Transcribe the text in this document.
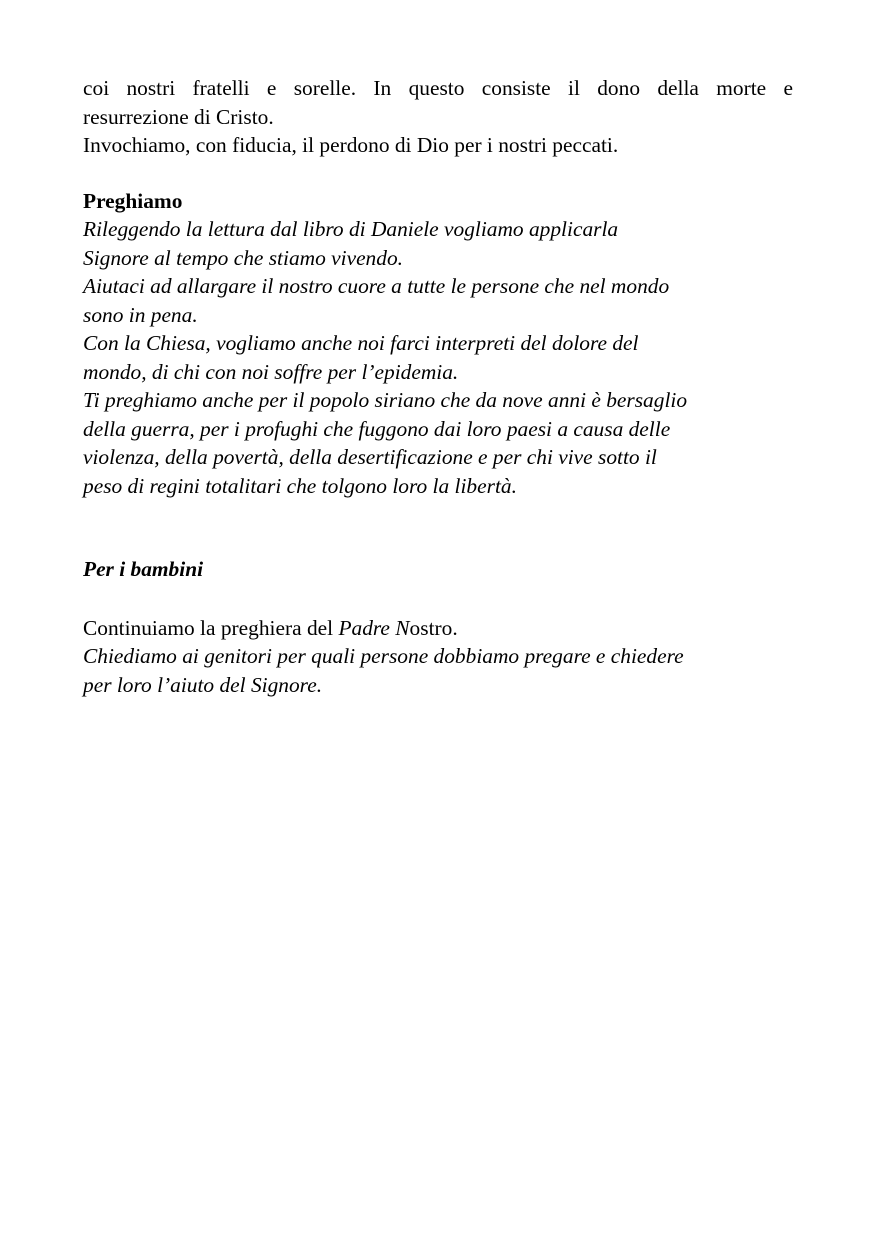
coi nostri fratelli e sorelle. In questo consiste il dono della morte e
resurrezione di Cristo.
Invochiamo, con fiducia, il perdono di Dio per i nostri peccati.
Preghiamo
Rileggendo la lettura dal libro di Daniele vogliamo applicarla
Signore al tempo che stiamo vivendo.
Aiutaci ad allargare il nostro cuore a tutte le persone che nel mondo
sono in pena.
Con la Chiesa, vogliamo anche noi farci interpreti del dolore del
mondo, di chi con noi soffre per l’epidemia.
Ti preghiamo anche per il popolo siriano che da nove anni è bersaglio
della guerra, per i profughi che fuggono dai loro paesi a causa delle
violenza, della povertà, della desertificazione e per chi vive sotto il
peso di regini totalitari che tolgono loro la libertà.
Per i bambini
Continuiamo la preghiera del Padre Nostro.
Chiediamo ai genitori per quali persone dobbiamo pregare e chiedere
per loro l’aiuto del Signore.
